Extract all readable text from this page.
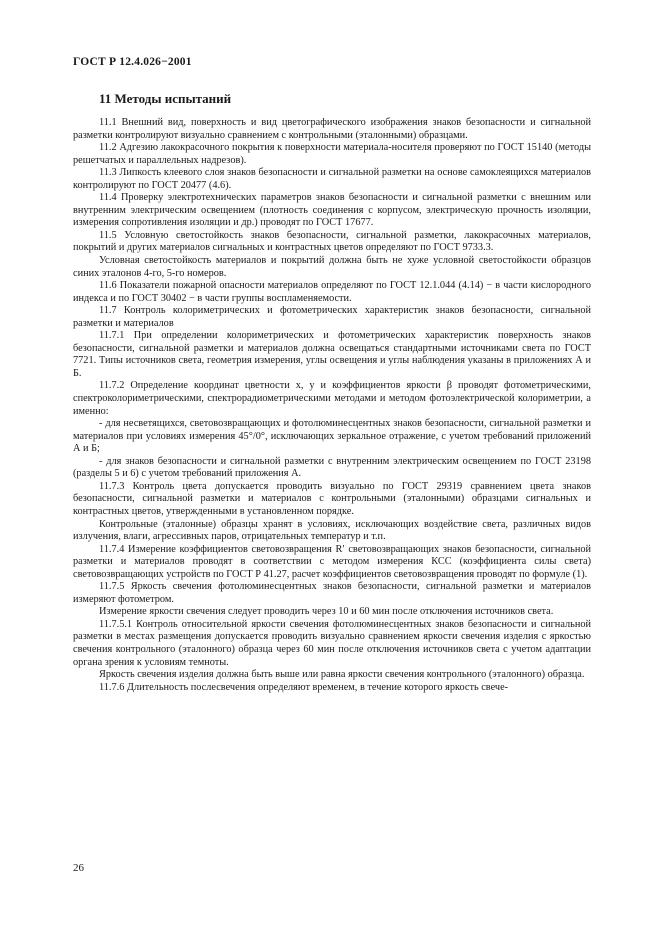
ГОСТ Р 12.4.026−2001
11 Методы испытаний

11.1 Внешний вид, поверхность и вид цветографического изображения знаков безопасности и сигнальной разметки контролируют визуально сравнением с контрольными (эталонными) образцами.

11.2 Адгезию лакокрасочного покрытия к поверхности материала-носителя проверяют по ГОСТ 15140 (методы решетчатых и параллельных надрезов).

11.3 Липкость клеевого слоя знаков безопасности и сигнальной разметки на основе самоклеящихся материалов контролируют по ГОСТ 20477 (4.6).

11.4 Проверку электротехнических параметров знаков безопасности и сигнальной разметки с внешним или внутренним электрическим освещением (плотность соединения с корпусом, электрическую прочность изоляции, измерения сопротивления изоляции и др.) проводят по ГОСТ 17677.

11.5 Условную светостойкость знаков безопасности, сигнальной разметки, лакокрасочных материалов, покрытий и других материалов сигнальных и контрастных цветов определяют по ГОСТ 9733.3.

Условная светостойкость материалов и покрытий должна быть не хуже условной светостойкости образцов синих эталонов 4-го, 5-го номеров.

11.6 Показатели пожарной опасности материалов определяют по ГОСТ 12.1.044 (4.14) − в части кислородного индекса и по ГОСТ 30402 − в части группы воспламеняемости.

11.7 Контроль колориметрических и фотометрических характеристик знаков безопасности, сигнальной разметки и материалов

11.7.1 При определении колориметрических и фотометрических характеристик поверхность знаков безопасности, сигнальной разметки и материалов должна освещаться стандартными источниками света по ГОСТ 7721. Типы источников света, геометрия измерения, углы освещения и углы наблюдения указаны в приложениях А и Б.

11.7.2 Определение координат цветности x, y и коэффициентов яркости β проводят фотометрическими, спектроколориметрическими, спектрорадиометрическими методами и методом фотоэлектрической колориметрии, а именно:

- для несветящихся, световозвращающих и фотолюминесцентных знаков безопасности, сигнальной разметки и материалов при условиях измерения 45°/0°, исключающих зеркальное отражение, с учетом требований приложений А и Б;

- для знаков безопасности и сигнальной разметки с внутренним электрическим освещением по ГОСТ 23198 (разделы 5 и 6) с учетом требований приложения А.

11.7.3 Контроль цвета допускается проводить визуально по ГОСТ 29319 сравнением цвета знаков безопасности, сигнальной разметки и материалов с контрольными (эталонными) образцами сигнальных и контрастных цветов, утвержденными в установленном порядке.

Контрольные (эталонные) образцы хранят в условиях, исключающих воздействие света, различных видов излучения, влаги, агрессивных паров, отрицательных температур и т.п.

11.7.4 Измерение коэффициентов световозвращения R′ световозвращающих знаков безопасности, сигнальной разметки и материалов проводят в соответствии с методом измерения КСС (коэффициента силы света) световозвращающих устройств по ГОСТ Р 41.27, расчет коэффициентов световозвращения проводят по формуле (1).

11.7.5 Яркость свечения фотолюминесцентных знаков безопасности, сигнальной разметки и материалов измеряют фотометром.

Измерение яркости свечения следует проводить через 10 и 60 мин после отключения источников света.

11.7.5.1 Контроль относительной яркости свечения фотолюминесцентных знаков безопасности и сигнальной разметки в местах размещения допускается проводить визуально сравнением яркости свечения изделия с яркостью свечения контрольного (эталонного) образца через 60 мин после отключения источников света с учетом адаптации органа зрения к условиям темноты.

Яркость свечения изделия должна быть выше или равна яркости свечения контрольного (эталонного) образца.

11.7.6 Длительность послесвечения определяют временем, в течение которого яркость свече-

26
